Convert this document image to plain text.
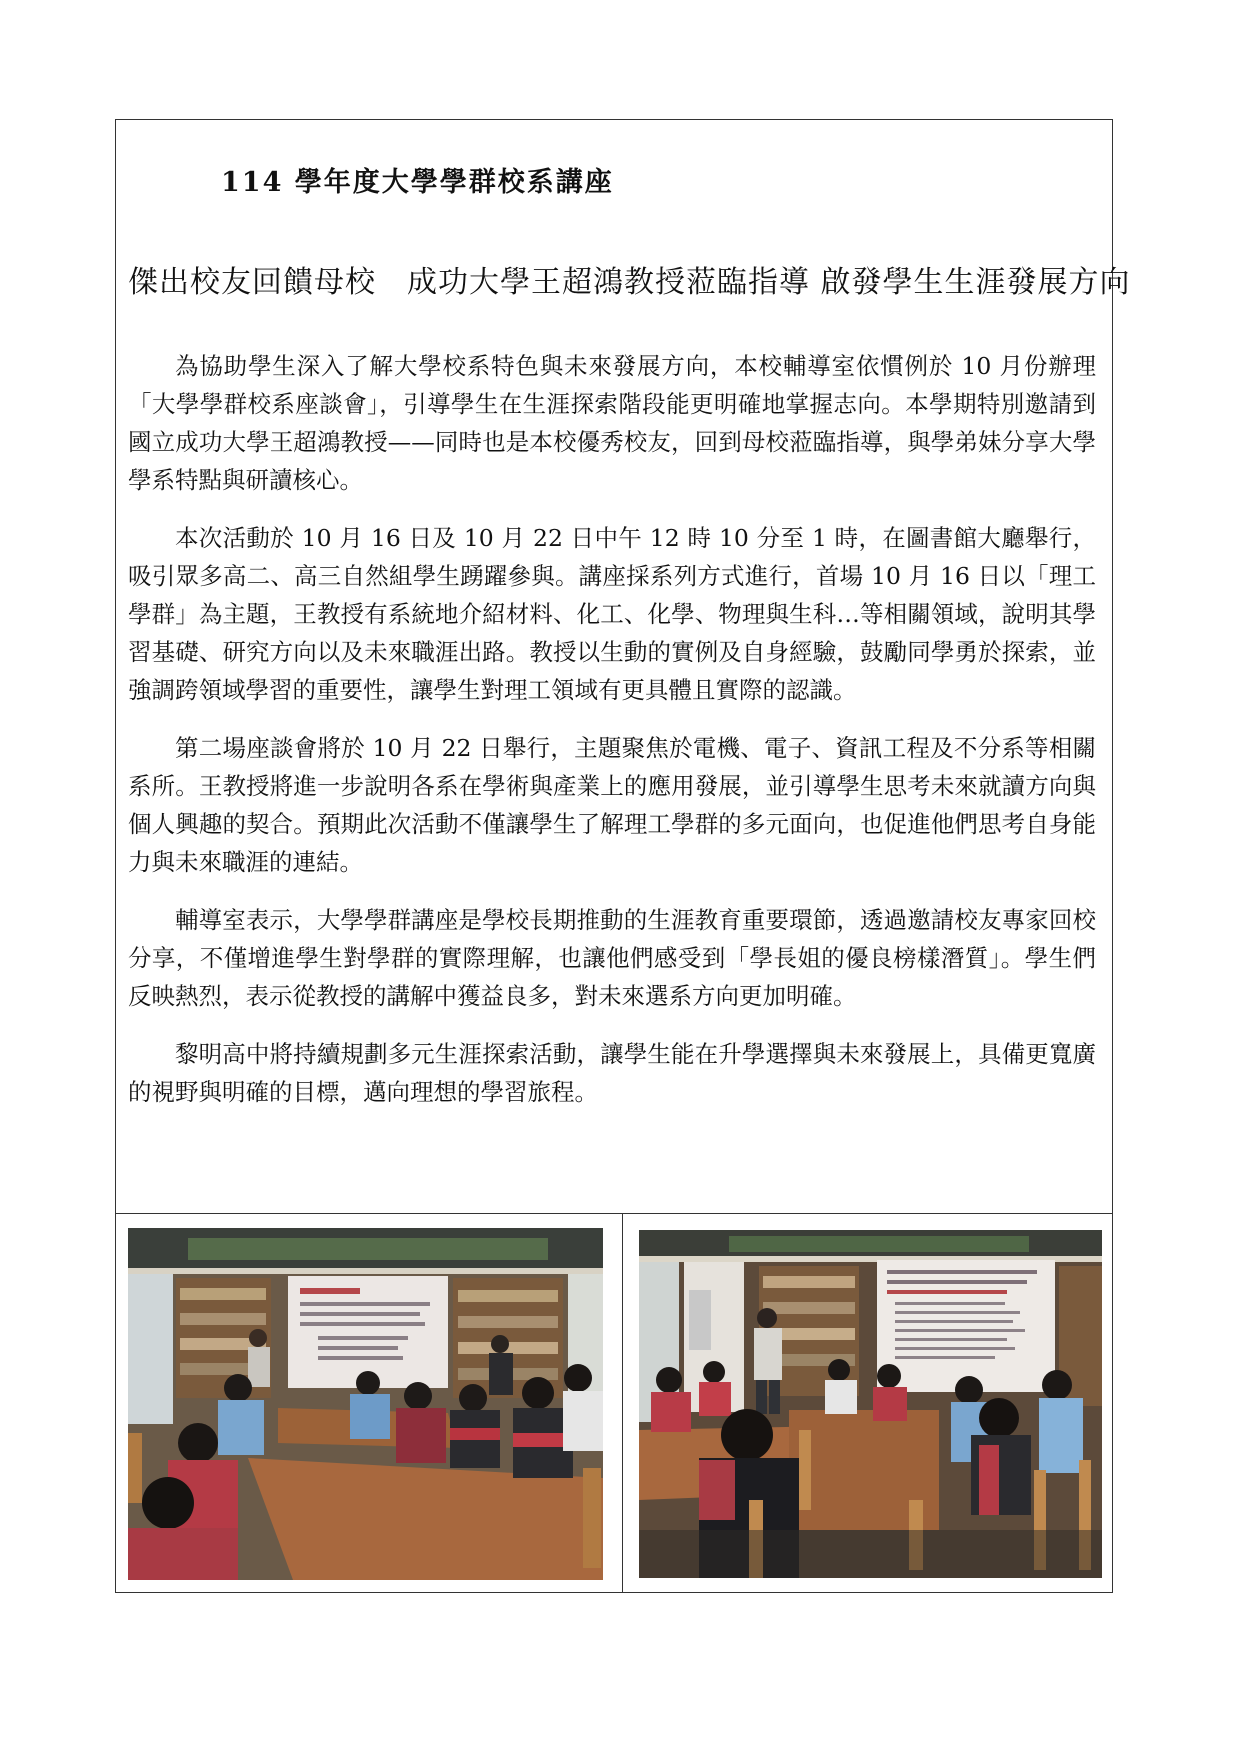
114 學年度大學學群校系講座
傑出校友回饋母校　成功大學王超鴻教授蒞臨指導 啟發學生生涯發展方向

為協助學生深入了解大學校系特色與未來發展方向，本校輔導室依慣例於 10 月份辦理「大學學群校系座談會」，引導學生在生涯探索階段能更明確地掌握志向。本學期特別邀請到國立成功大學王超鴻教授——同時也是本校優秀校友，回到母校蒞臨指導，與學弟妹分享大學學系特點與研讀核心。

本次活動於 10 月 16 日及 10 月 22 日中午 12 時 10 分至 1 時，在圖書館大廳舉行，吸引眾多高二、高三自然組學生踴躍參與。講座採系列方式進行，首場 10 月 16 日以「理工學群」為主題，王教授有系統地介紹材料、化工、化學、物理與生科…等相關領域，說明其學習基礎、研究方向以及未來職涯出路。教授以生動的實例及自身經驗，鼓勵同學勇於探索，並強調跨領域學習的重要性，讓學生對理工領域有更具體且實際的認識。

第二場座談會將於 10 月 22 日舉行，主題聚焦於電機、電子、資訊工程及不分系等相關系所。王教授將進一步說明各系在學術與產業上的應用發展，並引導學生思考未來就讀方向與個人興趣的契合。預期此次活動不僅讓學生了解理工學群的多元面向，也促進他們思考自身能力與未來職涯的連結。

輔導室表示，大學學群講座是學校長期推動的生涯教育重要環節，透過邀請校友專家回校分享，不僅增進學生對學群的實際理解，也讓他們感受到「學長姐的優良榜樣潛質」。學生們反映熱烈，表示從教授的講解中獲益良多，對未來選系方向更加明確。

黎明高中將持續規劃多元生涯探索活動，讓學生能在升學選擇與未來發展上，具備更寬廣的視野與明確的目標，邁向理想的學習旅程。
